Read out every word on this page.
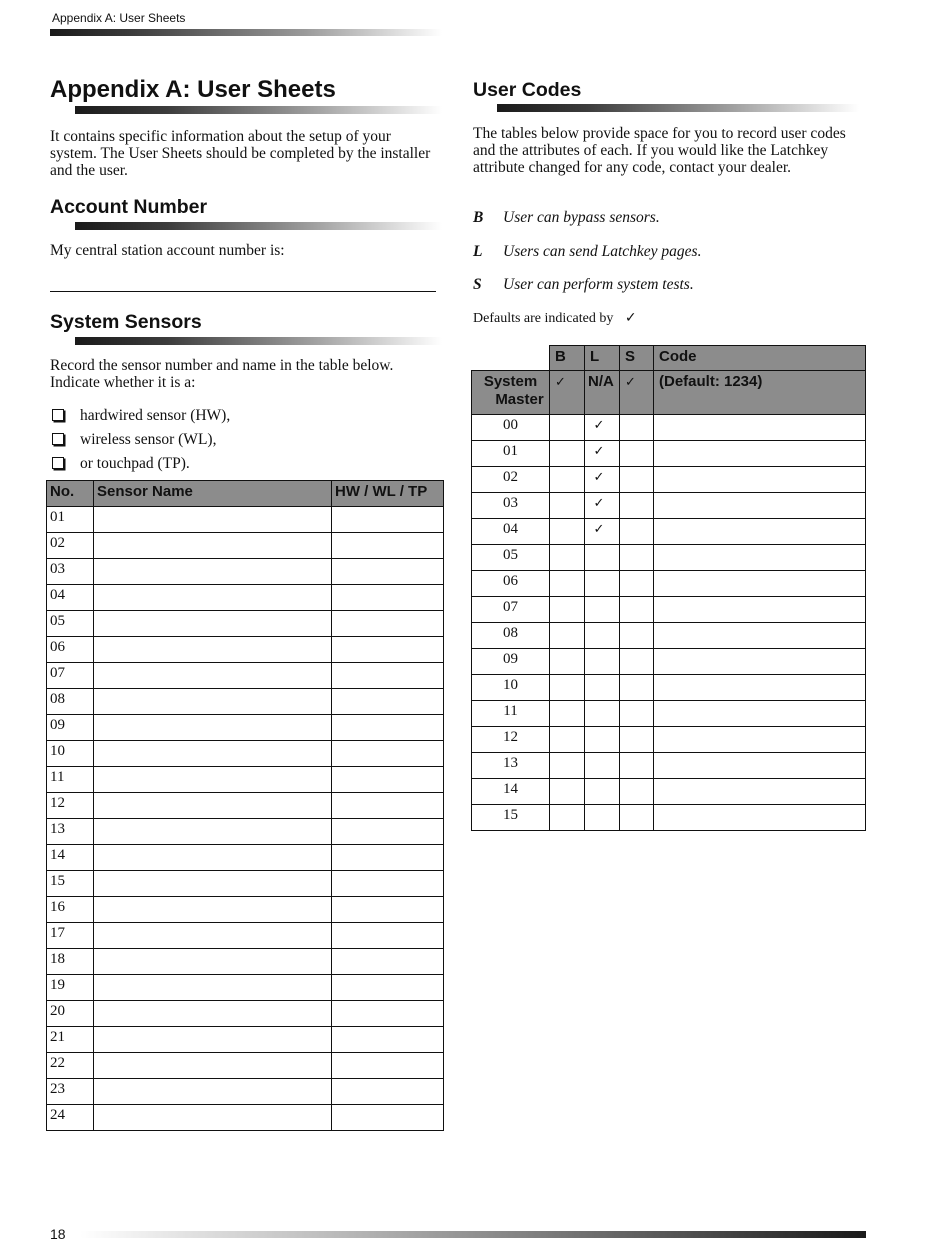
Appendix A: User Sheets
Appendix A: User Sheets

It contains specific information about the setup of your system. The User Sheets should be completed by the installer and the user.

Account Number
My central station account number is:
System Sensors

Record the sensor number and name in the table below. Indicate whether it is a:

hardwired sensor (HW),
wireless sensor (WL),
or touchpad (TP).
No.	Sensor Name	HW / WL / TP
01		
02		
03		
04		
05		
06		
07		
08		
09		
10		
11		
12		
13		
14		
15		
16		
17		
18		
19		
20		
21		
22		
23		
24		
User Codes

The tables below provide space for you to record user codes and the attributes of each. If you would like the Latchkey attribute changed for any code, contact your dealer.

B User can bypass sensors.
L Users can send Latchkey pages.
S User can perform system tests.
Defaults are indicated by ✓
	B	L	S	Code

System
Master	✓	N/A	✓	(Default: 1234)
00		✓		
01		✓		
02		✓		
03		✓		
04		✓		
05				
06				
07				
08				
09				
10				
11				
12				
13				
14				
15				
18
